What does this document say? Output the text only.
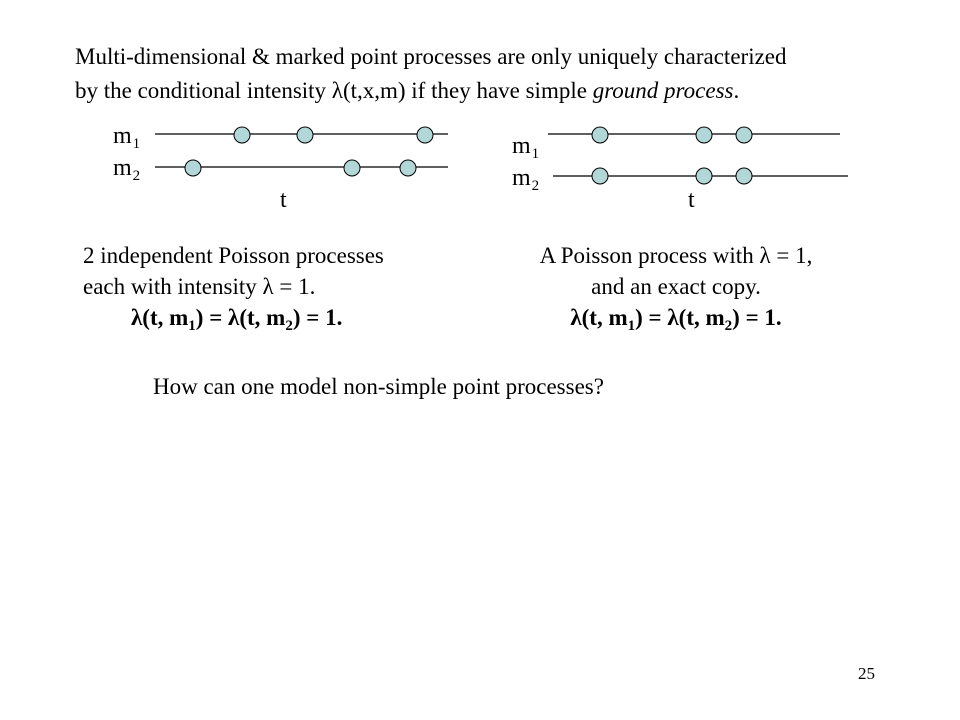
Multi-dimensional & marked point processes are only uniquely characterized
by the conditional intensity λ(t,x,m) if they have simple ground process.
$m_1$
$m_2$
t
$m_1$
$m_2$
t
2 independent Poisson processes
each with intensity λ = 1.
λ(t, $m_1) = \lambda(t$, $m_2) = 1$.
A Poisson process with λ = 1,
and an exact copy.
λ(t, $m_1) = \lambda(t$, $m_2) = 1$.
How can one model non-simple point processes?
25
